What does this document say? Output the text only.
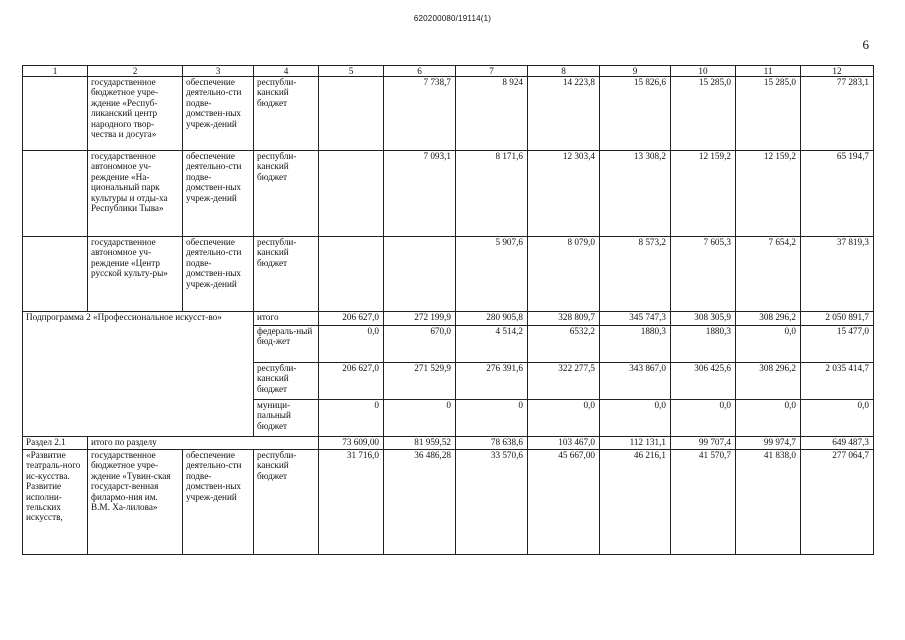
620200080/19114(1)
6
1	2	3	4	5	6	7	8	9	10	11	12
	государственное бюджетное учре-ждение «Респуб-ликанский центр народного твор-чества и досуга»	обеспечение деятельно-сти подве-домствен-ных учреж-дений	республи-канский бюджет		7 738,7	8 924	14 223,8	15 826,6	15 285,0	15 285,0	77 283,1
	государственное автономное уч-реждение «На-циональный парк культуры и отды-ха Республики Тыва»	обеспечение деятельно-сти подве-домствен-ных учреж-дений	республи-канский бюджет		7 093,1	8 171,6	12 303,4	13 308,2	12 159,2	12 159,2	65 194,7
	государственное автономное уч-реждение «Центр русской культу-ры»	обеспечение деятельно-сти подве-домствен-ных учреж-дений	республи-канский бюджет			5 907,6	8 079,0	8 573,2	7 605,3	7 654,2	37 819,3
Подпрограмма 2 «Профессиональное искусст-во»			итого	206 627,0	272 199,9	280 905,8	328 809,7	345 747,3	308 305,9	308 296,2	2 050 891,7
			федераль-ный бюд-жет	0,0	670,0	4 514,2	6532,2	1880,3	1880,3	0,0	15 477,0
			республи-канский бюджет	206 627,0	271 529,9	276 391,6	322 277,5	343 867,0	306 425,6	308 296,2	2 035 414,7
			муници-пальный бюджет	0	0	0	0,0	0,0	0,0	0,0	0,0
Раздел 2.1	итого по разделу			73 609,00	81 959,52	78 638,6	103 467,0	112 131,1	99 707,4	99 974,7	649 487,3
«Развитие театраль-ного ис-кусства. Развитие исполни-тельских искусств,	государственное бюджетное учре-ждение «Тувин-ская государст-венная филармо-ния им. В.М. Ха-лилова»	обеспечение деятельно-сти подве-домствен-ных учреж-дений	республи-канский бюджет	31 716,0	36 486,28	33 570,6	45 667,00	46 216,1	41 570,7	41 838,0	277 064,7
